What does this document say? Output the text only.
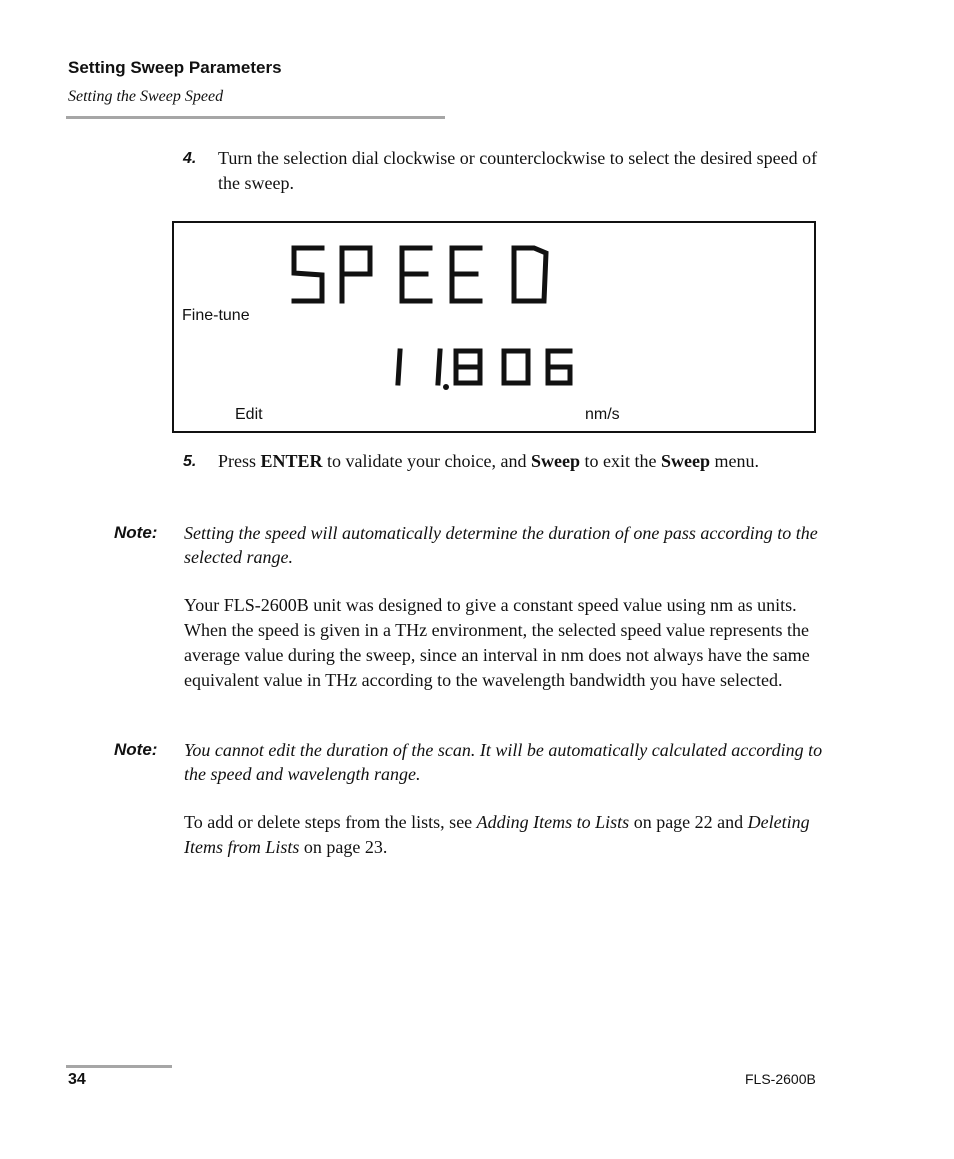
Setting Sweep Parameters
Setting the Sweep Speed
4. Turn the selection dial clockwise or counterclockwise to select the desired speed of the sweep.
Fine-tune
Edit	nm/s
5. Press ENTER to validate your choice, and Sweep to exit the Sweep menu.
Note: Setting the speed will automatically determine the duration of one pass according to the selected range.
Your FLS-2600B unit was designed to give a constant speed value using nm as units. When the speed is given in a THz environment, the selected speed value represents the average value during the sweep, since an interval in nm does not always have the same equivalent value in THz according to the wavelength bandwidth you have selected.
Note: You cannot edit the duration of the scan. It will be automatically calculated according to the speed and wavelength range.
To add or delete steps from the lists, see Adding Items to Lists on page 22 and Deleting Items from Lists on page 23.
34	FLS-2600B
